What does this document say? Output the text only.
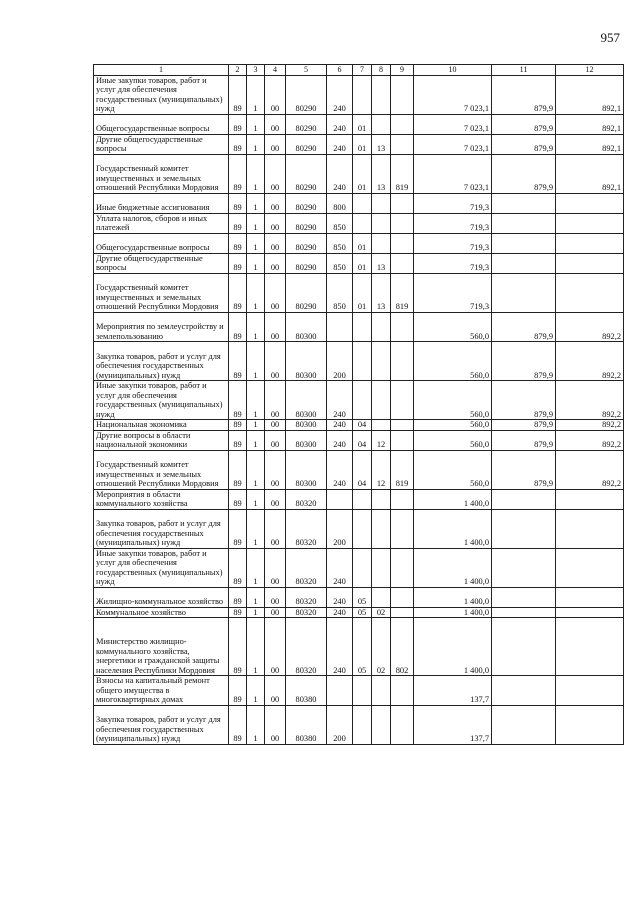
957
1	2	3	4	5	6	7	8	9	10	11	12
Иные закупки товаров, работ и услуг для обеспечения государственных (муниципальных) нужд	89	1	00	80290	240				7 023,1	879,9	892,1
Общегосударственные вопросы	89	1	00	80290	240	01			7 023,1	879,9	892,1
Другие общегосударственные вопросы	89	1	00	80290	240	01	13		7 023,1	879,9	892,1
Государственный комитет имущественных и земельных отношений Республики Мордовия	89	1	00	80290	240	01	13	819	7 023,1	879,9	892,1
Иные бюджетные ассигнования	89	1	00	80290	800				719,3		
Уплата налогов, сборов и иных платежей	89	1	00	80290	850				719,3		
Общегосударственные вопросы	89	1	00	80290	850	01			719,3		
Другие общегосударственные вопросы	89	1	00	80290	850	01	13		719,3		
Государственный комитет имущественных и земельных отношений Республики Мордовия	89	1	00	80290	850	01	13	819	719,3		
Мероприятия по землеустройству и землепользованию	89	1	00	80300					560,0	879,9	892,2
Закупка товаров, работ и услуг для обеспечения государственных (муниципальных) нужд	89	1	00	80300	200				560,0	879,9	892,2
Иные закупки товаров, работ и услуг для обеспечения государственных (муниципальных) нужд	89	1	00	80300	240				560,0	879,9	892,2
Национальная экономика	89	1	00	80300	240	04			560,0	879,9	892,2
Другие вопросы в области национальной экономики	89	1	00	80300	240	04	12		560,0	879,9	892,2
Государственный комитет имущественных и земельных отношений Республики Мордовия	89	1	00	80300	240	04	12	819	560,0	879,9	892,2
Мероприятия в области коммунального хозяйства	89	1	00	80320					1 400,0		
Закупка товаров, работ и услуг для обеспечения государственных (муниципальных) нужд	89	1	00	80320	200				1 400,0		
Иные закупки товаров, работ и услуг для обеспечения государственных (муниципальных) нужд	89	1	00	80320	240				1 400,0		
Жилищно-коммунальное хозяйство	89	1	00	80320	240	05			1 400,0		
Коммунальное хозяйство	89	1	00	80320	240	05	02		1 400,0		
Министерство жилищно-коммунального хозяйства, энергетики и гражданской защиты населения Республики Мордовия	89	1	00	80320	240	05	02	802	1 400,0		
Взносы на капитальный ремонт общего имущества в многоквартирных домах	89	1	00	80380					137,7		
Закупка товаров, работ и услуг для обеспечения государственных (муниципальных) нужд	89	1	00	80380	200				137,7		
